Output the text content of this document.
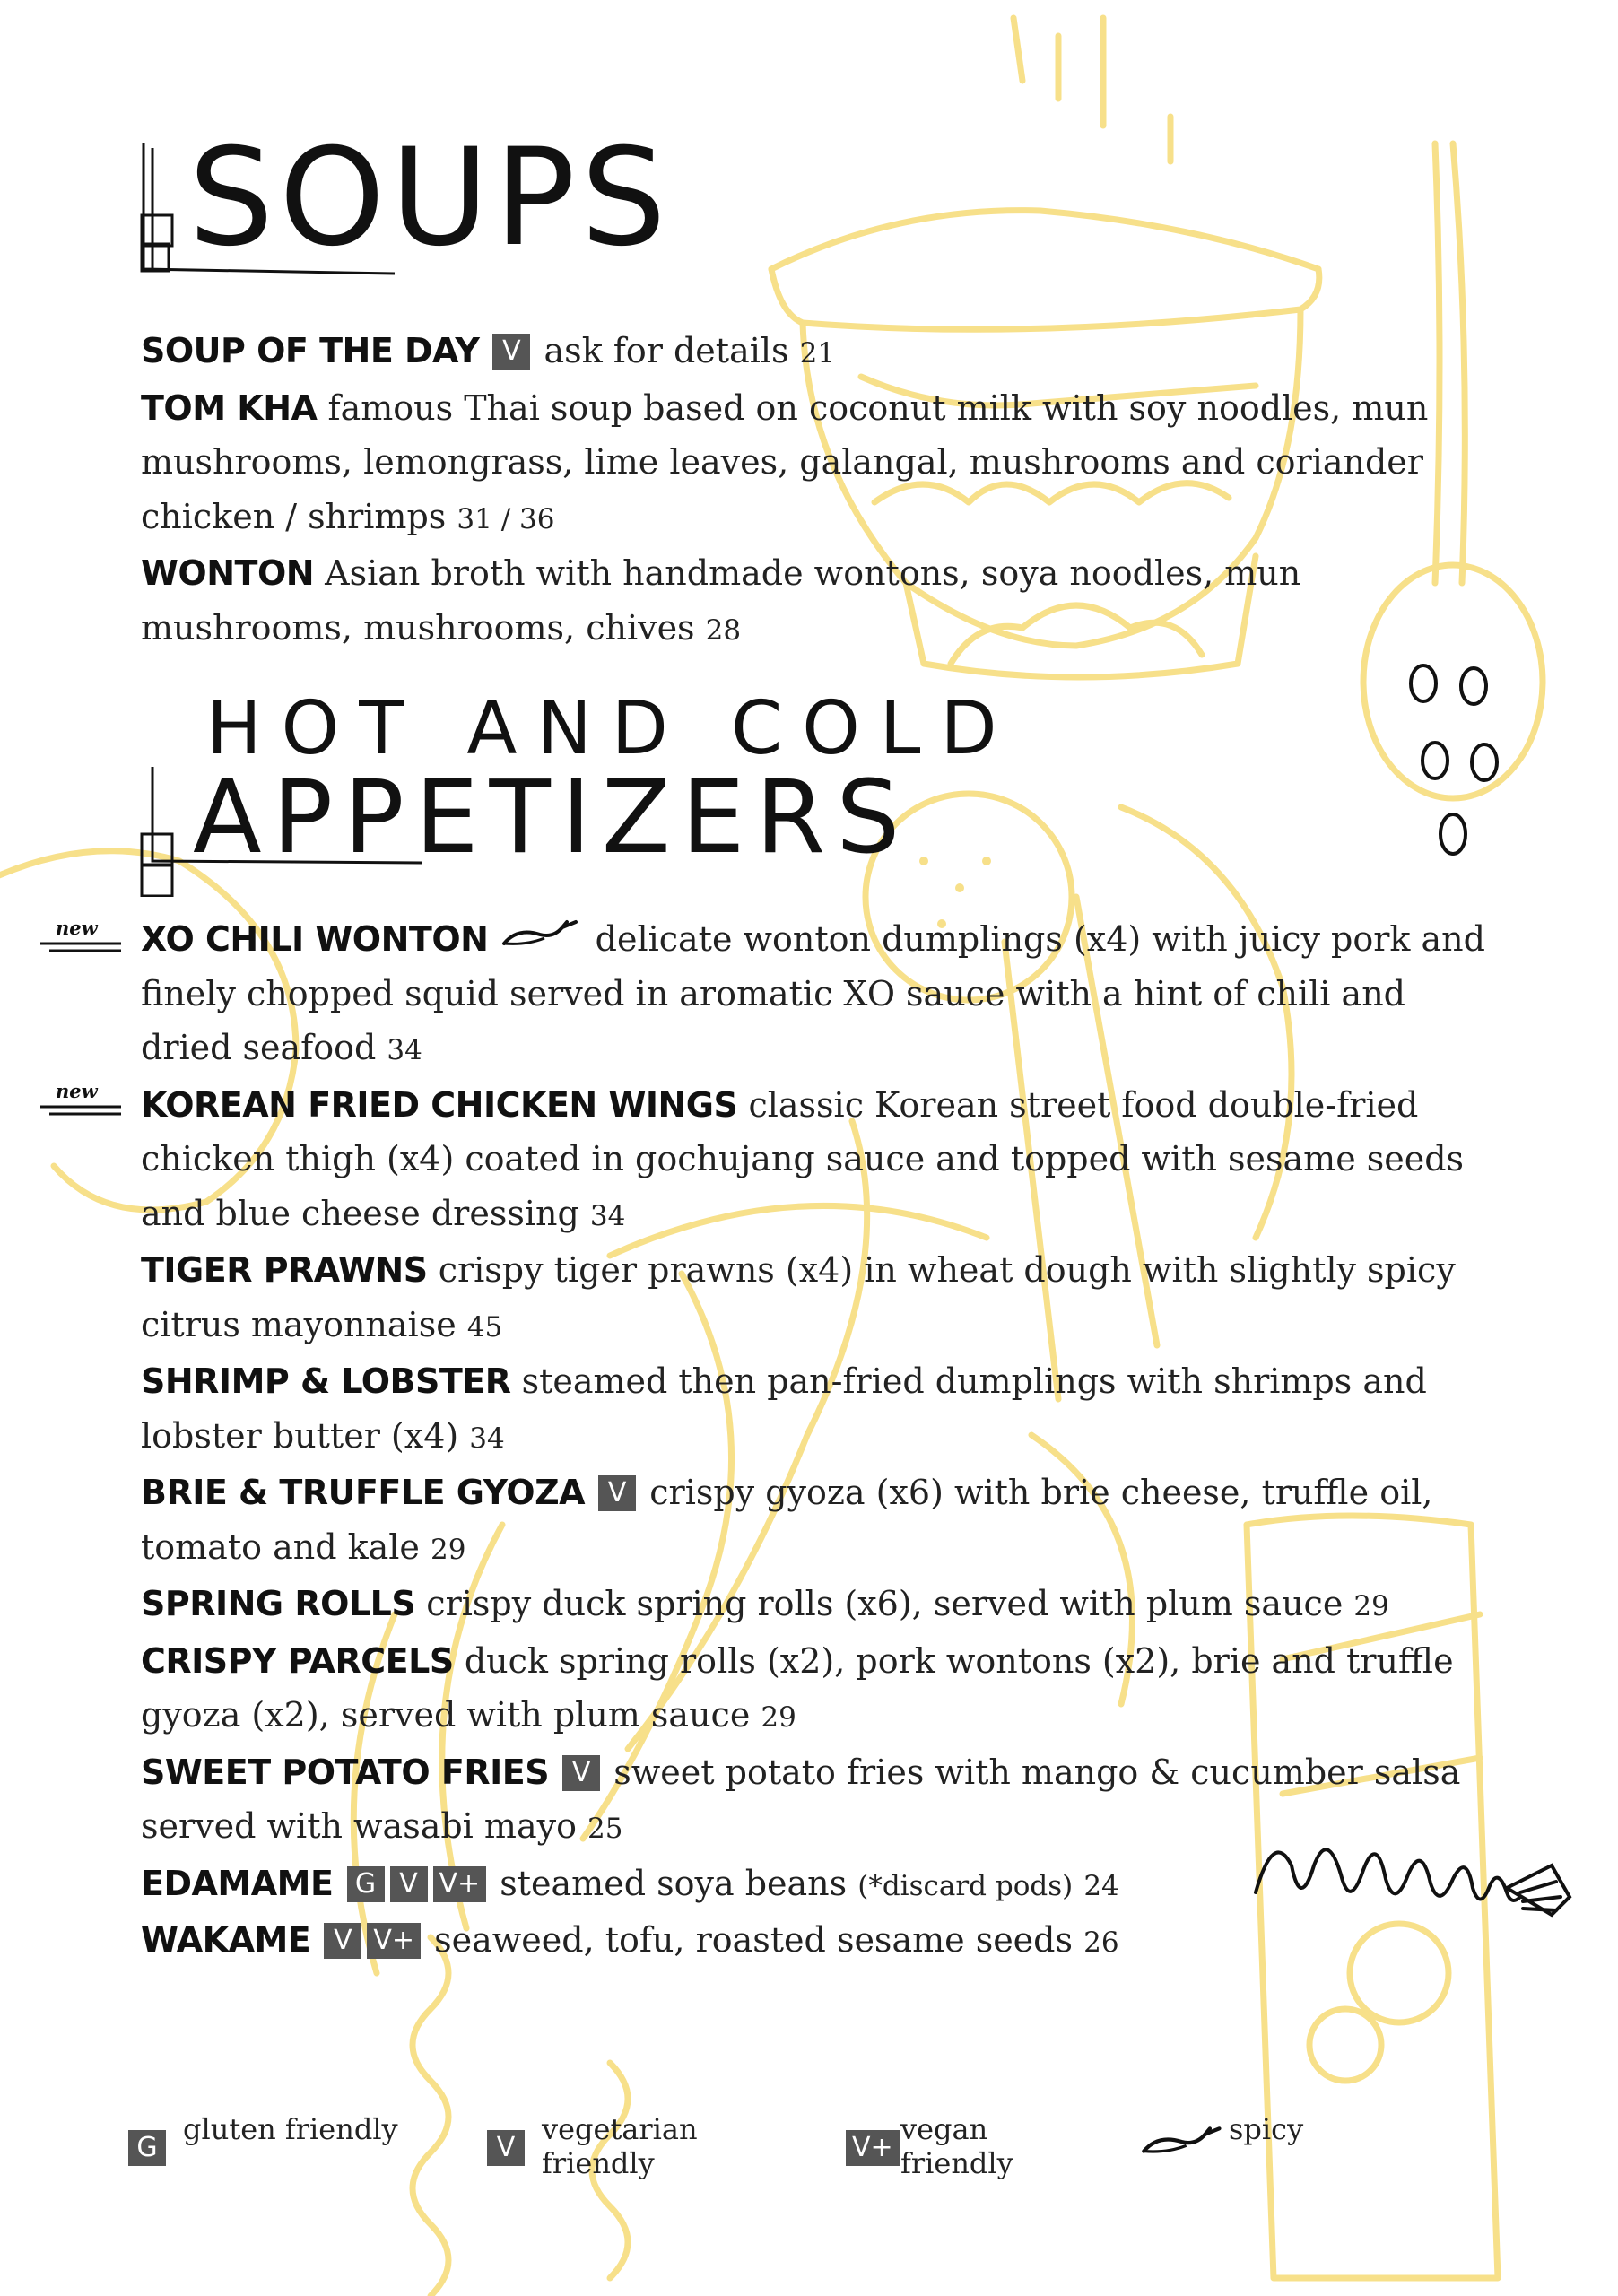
SOUPS
HOT AND COLD
APPETIZERS

SOUP OF THE DAY V ask for details 21

TOM KHA famous Thai soup based on coconut milk with soy noodles, mun mushrooms, lemongrass, lime leaves, galangal, mushrooms and coriander chicken / shrimps 31 / 36

WONTON Asian broth with handmade wontons, soya noodles, mun mushrooms, mushrooms, chives 28

new
new

XO CHILI WONTON	delicate wonton dumplings (x4) with juicy pork and finely chopped squid served in aromatic XO sauce with a hint of chili and dried seafood 34

KOREAN FRIED CHICKEN WINGS classic Korean street food double-fried chicken thigh (x4) coated in gochujang sauce and topped with sesame seeds and blue cheese dressing 34

TIGER PRAWNS crispy tiger prawns (x4) in wheat dough with slightly spicy citrus mayonnaise 45

SHRIMP & LOBSTER steamed then pan-fried dumplings with shrimps and lobster butter (x4) 34

BRIE & TRUFFLE GYOZA V crispy gyoza (x6) with brie cheese, truffle oil, tomato and kale 29

SPRING ROLLS crispy duck spring rolls (x6), served with plum sauce 29

CRISPY PARCELS duck spring rolls (x2), pork wontons (x2), brie and truffle gyoza (x2), served with plum sauce 29

SWEET POTATO FRIES V sweet potato fries with mango & cucumber salsa served with wasabi mayo 25

EDAMAME G V V+ steamed soya beans (*discard pods) 24

WAKAME V V+ seaweed, tofu, roasted sesame seeds 26

G
gluten friendly
V
vegetarian friendly	V+
vegan friendly
spicy
